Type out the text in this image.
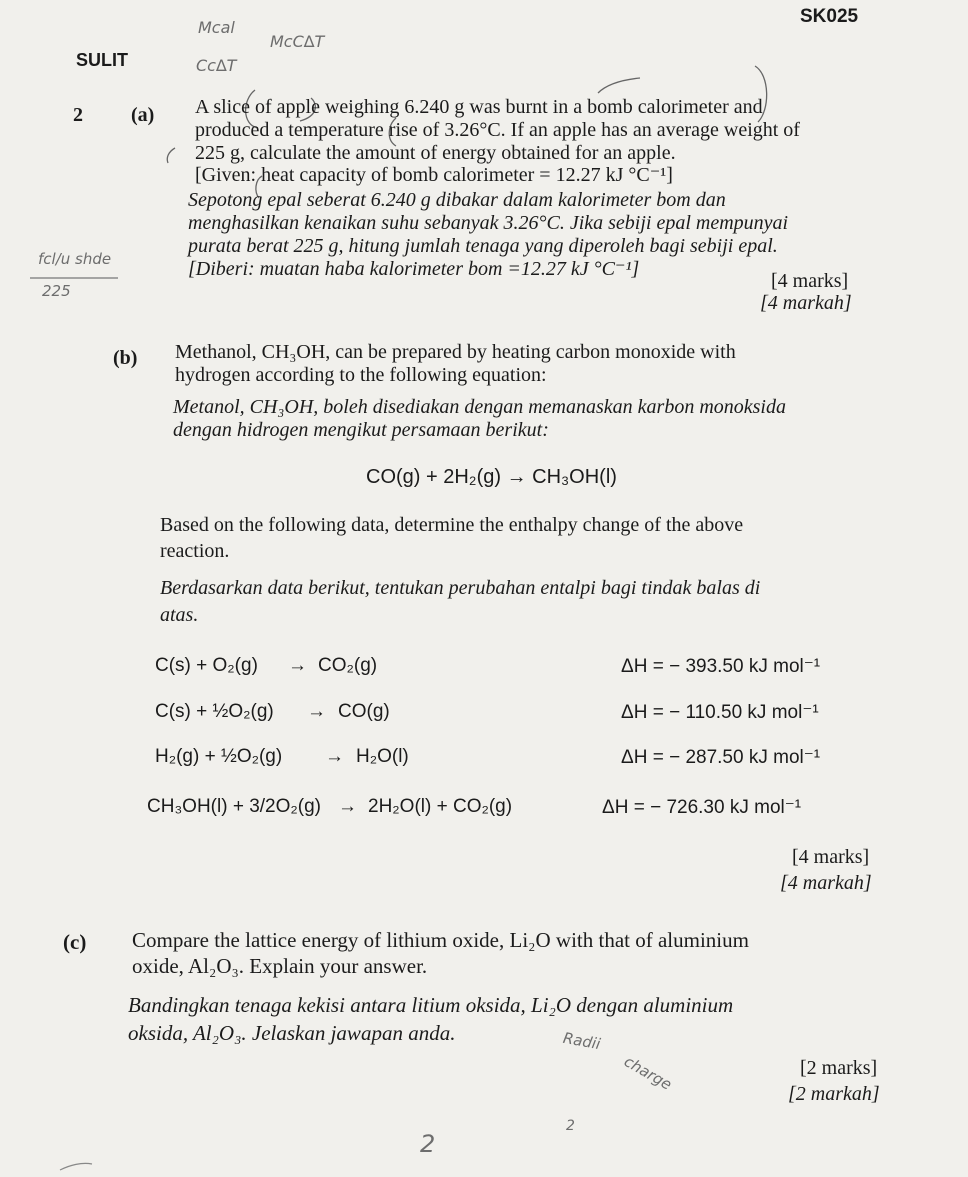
SK025
SULIT
Mcal
McC∆T
Cc∆T
fcl/u shde
225
Radii
charge
2
2
2 (a) A slice of apple weighing 6.240 g was burnt in a bomb calorimeter and
produced a temperature rise of 3.26°C. If an apple has an average weight of
225 g, calculate the amount of energy obtained for an apple.
[Given: heat capacity of bomb calorimeter = 12.27 kJ °C⁻¹]
Sepotong epal seberat 6.240 g dibakar dalam kalorimeter bom dan
menghasilkan kenaikan suhu sebanyak 3.26°C. Jika sebiji epal mempunyai
purata berat 225 g, hitung jumlah tenaga yang diperoleh bagi sebiji epal.
[Diberi: muatan haba kalorimeter bom =12.27 kJ °C⁻¹]
[4 marks]
[4 markah]
(b) Methanol, CH₃OH, can be prepared by heating carbon monoxide with
hydrogen according to the following equation:
Metanol, CH₃OH, boleh disediakan dengan memanaskan karbon monoksida
dengan hidrogen mengikut persamaan berikut:
CO(g) + 2H₂(g) → CH₃OH(l)
Based on the following data, determine the enthalpy change of the above
reaction.
Berdasarkan data berikut, tentukan perubahan entalpi bagi tindak balas di
atas.
C(s) + O₂(g) → CO₂(g)	ΔH = − 393.50 kJ mol⁻¹
C(s) + ½O₂(g) → CO(g)	ΔH = − 110.50 kJ mol⁻¹
H₂(g) + ½O₂(g) → H₂O(l)	ΔH = − 287.50 kJ mol⁻¹
CH₃OH(l) + 3/2O₂(g) → 2H₂O(l) + CO₂(g)	ΔH = − 726.30 kJ mol⁻¹
[4 marks]
[4 markah]
(c) Compare the lattice energy of lithium oxide, Li₂O with that of aluminium
oxide, Al₂O₃. Explain your answer.
Bandingkan tenaga kekisi antara litium oksida, Li₂O dengan aluminium
oksida, Al₂O₃. Jelaskan jawapan anda.
[2 marks]
[2 markah]
